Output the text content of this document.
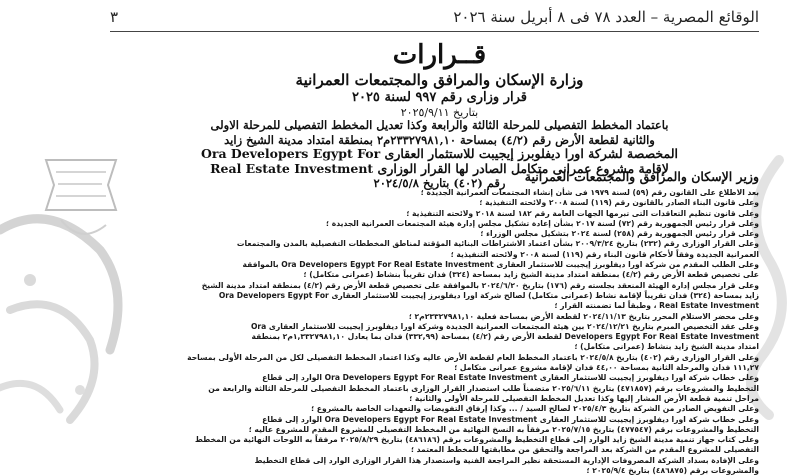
الوقائع المصرية – العدد ٧٨ فى ٨ أبريل سنة ٢٠٢٦
٣
قــرارات
وزارة الإسكان والمرافق والمجتمعات العمرانية
قرار وزارى رقم ٩٩٧ لسنة ٢٠٢٥
بتاريخ ٢٠٢٥/٩/١١
باعتماد المخطط التفصيلى للمرحلة الثالثة والرابعة وكذا تعديل المخطط التفصيلى للمرحلة الاولى
والثانية لقطعة الأرض رقم (٤/٢) بمساحة ٢٣٣٢٧٩٨١,١٠م٢ بمنطقة امتداد مدينة الشيخ زايد
المخصصة لشركة اورا ديفلوبرز إيجيبت للاستثمار العقارى Ora Developers Egypt For
لإقامة مشروع عمرانى متكامل الصادر لها القرار الوزارى Real Estate Investment
رقم (٤٠٢) بتاريخ ٢٠٢٤/٥/٨	وزير الإسكان والمرافق والمجتمعات العمرانية
بعد الاطلاع على القانون رقم (٥٩) لسنة ١٩٧٩ فى شأن إنشاء المجتمعات العمرانية الجديدة ؛
وعلى قانون البناء الصادر بالقانون رقم (١١٩) لسنة ٢٠٠٨ ولائحته التنفيذية ؛
وعلى قانون تنظيم التعاقدات التى تبرمها الجهات العامة رقم ١٨٢ لسنة ٢٠١٨ ولائحته التنفيذية ؛
وعلى قرار رئيس الجمهورية رقم (٧٢) لسنة ٢٠١٧ بشأن إعادة تشكيل مجلس إدارة هيئة المجتمعات العمرانية الجديدة ؛
وعلى قرار رئيس الجمهورية رقم (٢٥٨) لسنة ٢٠٢٤ بتشكيل مجلس الوزراء ؛
وعلى القرار الوزارى رقم (٢٣٢) بتاريخ ٢٠٠٩/٣/٢٤ بشأن اعتماد الاشتراطات البنائية المؤقتة لمناطق المخططات التفصيلية بالمدن والمجتمعات
العمرانية الجديدة وفقاً لأحكام قانون البناء رقم (١١٩) لسنة ٢٠٠٨ ولائحته التنفيذية ؛
وعلى الطلب المقدم من شركة اورا ديفلوبرز إيجيبت للاستثمار العقارى Ora Developers Egypt For Real Estate Investment بالموافقة
على تخصيص قطعة الأرض رقم (٤/٢) بمنطقة امتداد مدينة الشيخ زايد بمساحة (٣٢٤) فدان تقريباً بنشاط (عمرانى متكامل) ؛
وعلى قرار مجلس إدارة الهيئة المنعقد بجلسته رقم (١٧٦) بتاريخ ٢٠٢٤/٦/٢٠ بالموافقة على تخصيص قطعة الأرض رقم (٤/٢) بمنطقة امتداد مدينة الشيخ
زايد بمساحة (٣٢٤) فدان تقريباً لإقامة نشاط (عمرانى متكامل) لصالح شركة اورا ديفلوبرز إيجيبت للاستثمار العقارى Ora Developers Egypt For
Real Estate Investment ، وطبقاً لما تضمنته القرار ؛
وعلى محضر الاستلام المحرر بتاريخ ٢٠٢٤/١١/١٣ لقطعة الأرض بمساحة فعلية ٢٣٣٢٧٩٨١,١٠م٢ ؛
وعلى عقد التخصيص المبرم بتاريخ ٢٠٢٤/١٢/٢١ بين هيئة المجتمعات العمرانية الجديدة وشركة اورا ديفلوبرز إيجيبت للاستثمار العقارى Ora
Developers Egypt For Real Estate Investment لقطعة الأرض رقم (٤/٢) بمساحة (٣٣٢,٩٩) فدان بما يعادل ١,٣٣٢٧٩٨١,١٠م٢ بمنطقة
امتداد مدينة الشيخ زايد بنشاط (عمرانى متكامل) ؛
وعلى القرار الوزارى رقم (٤٠٢) بتاريخ ٢٠٢٤/٥/٨ باعتماد المخطط العام لقطعة الأرض عاليه وكذا اعتماد المخطط التفصيلى لكل من المرحلة الأولى بمساحة
١١١,٢٧ فدان والمرحلة الثانية بمساحة ٤٤,٠٠ فدان لإقامة مشروع عمرانى متكامل ؛
وعلى خطاب شركة اورا ديفلوبرز إيجيبت للاستثمار العقارى Ora Developers Egypt For Real Estate Investment الوارد إلى قطاع
التخطيط والمشروعات برقم (٤٧١٨٥٧) بتاريخ ٢٠٢٥/٦/١١ متضمناً طلب استصدار القرار الوزارى باعتماد المخطط التفصيلى للمرحلة الثالثة والرابعة من
مراحل تنمية قطعة الأرض المشار إليها وكذا تعديل المخطط التفصيلى للمرحلة الأولى والثانية ؛
وعلى التفويض الصادر من الشركة بتاريخ ٢٠٢٥/٤/٣ لصالح السيد / ... وكذا إرفاق التفويضات والتعهدات الخاصة بالمشروع ؛
وعلى خطاب شركة اورا ديفلوبرز إيجيبت للاستثمار العقارى Ora Developers Egypt For Real Estate Investment الوارد إلى قطاع
التخطيط والمشروعات برقم (٤٧٧٥٤٧) بتاريخ ٢٠٢٥/٧/١٥ مرفقاً به النسخ النهائية من المخطط التفصيلى للمشروع المقدم للمشروع عاليه ؛
وعلى كتاب جهاز تنمية مدينة الشيخ زايد الوارد إلى قطاع التخطيط والمشروعات برقم (٤٨٦١٨٦) بتاريخ ٢٠٢٥/٨/٢٩ مرفقاً به اللوحات النهائية من المخطط
التفصيلى للمشروع المقدم من الشركة بعد المراجعة والتحقق من مطابقتها للمخطط المعتمد ؛
وعلى الإفادة بسداد الشركة المصروفات الإدارية المستحقة نظير المراجعة الفنية واستصدار هذا القرار الوزارى الوارد إلى قطاع التخطيط
والمشروعات برقم (٤٨٦٨٧٥) بتاريخ ٢٠٢٥/٩/٤ ؛
